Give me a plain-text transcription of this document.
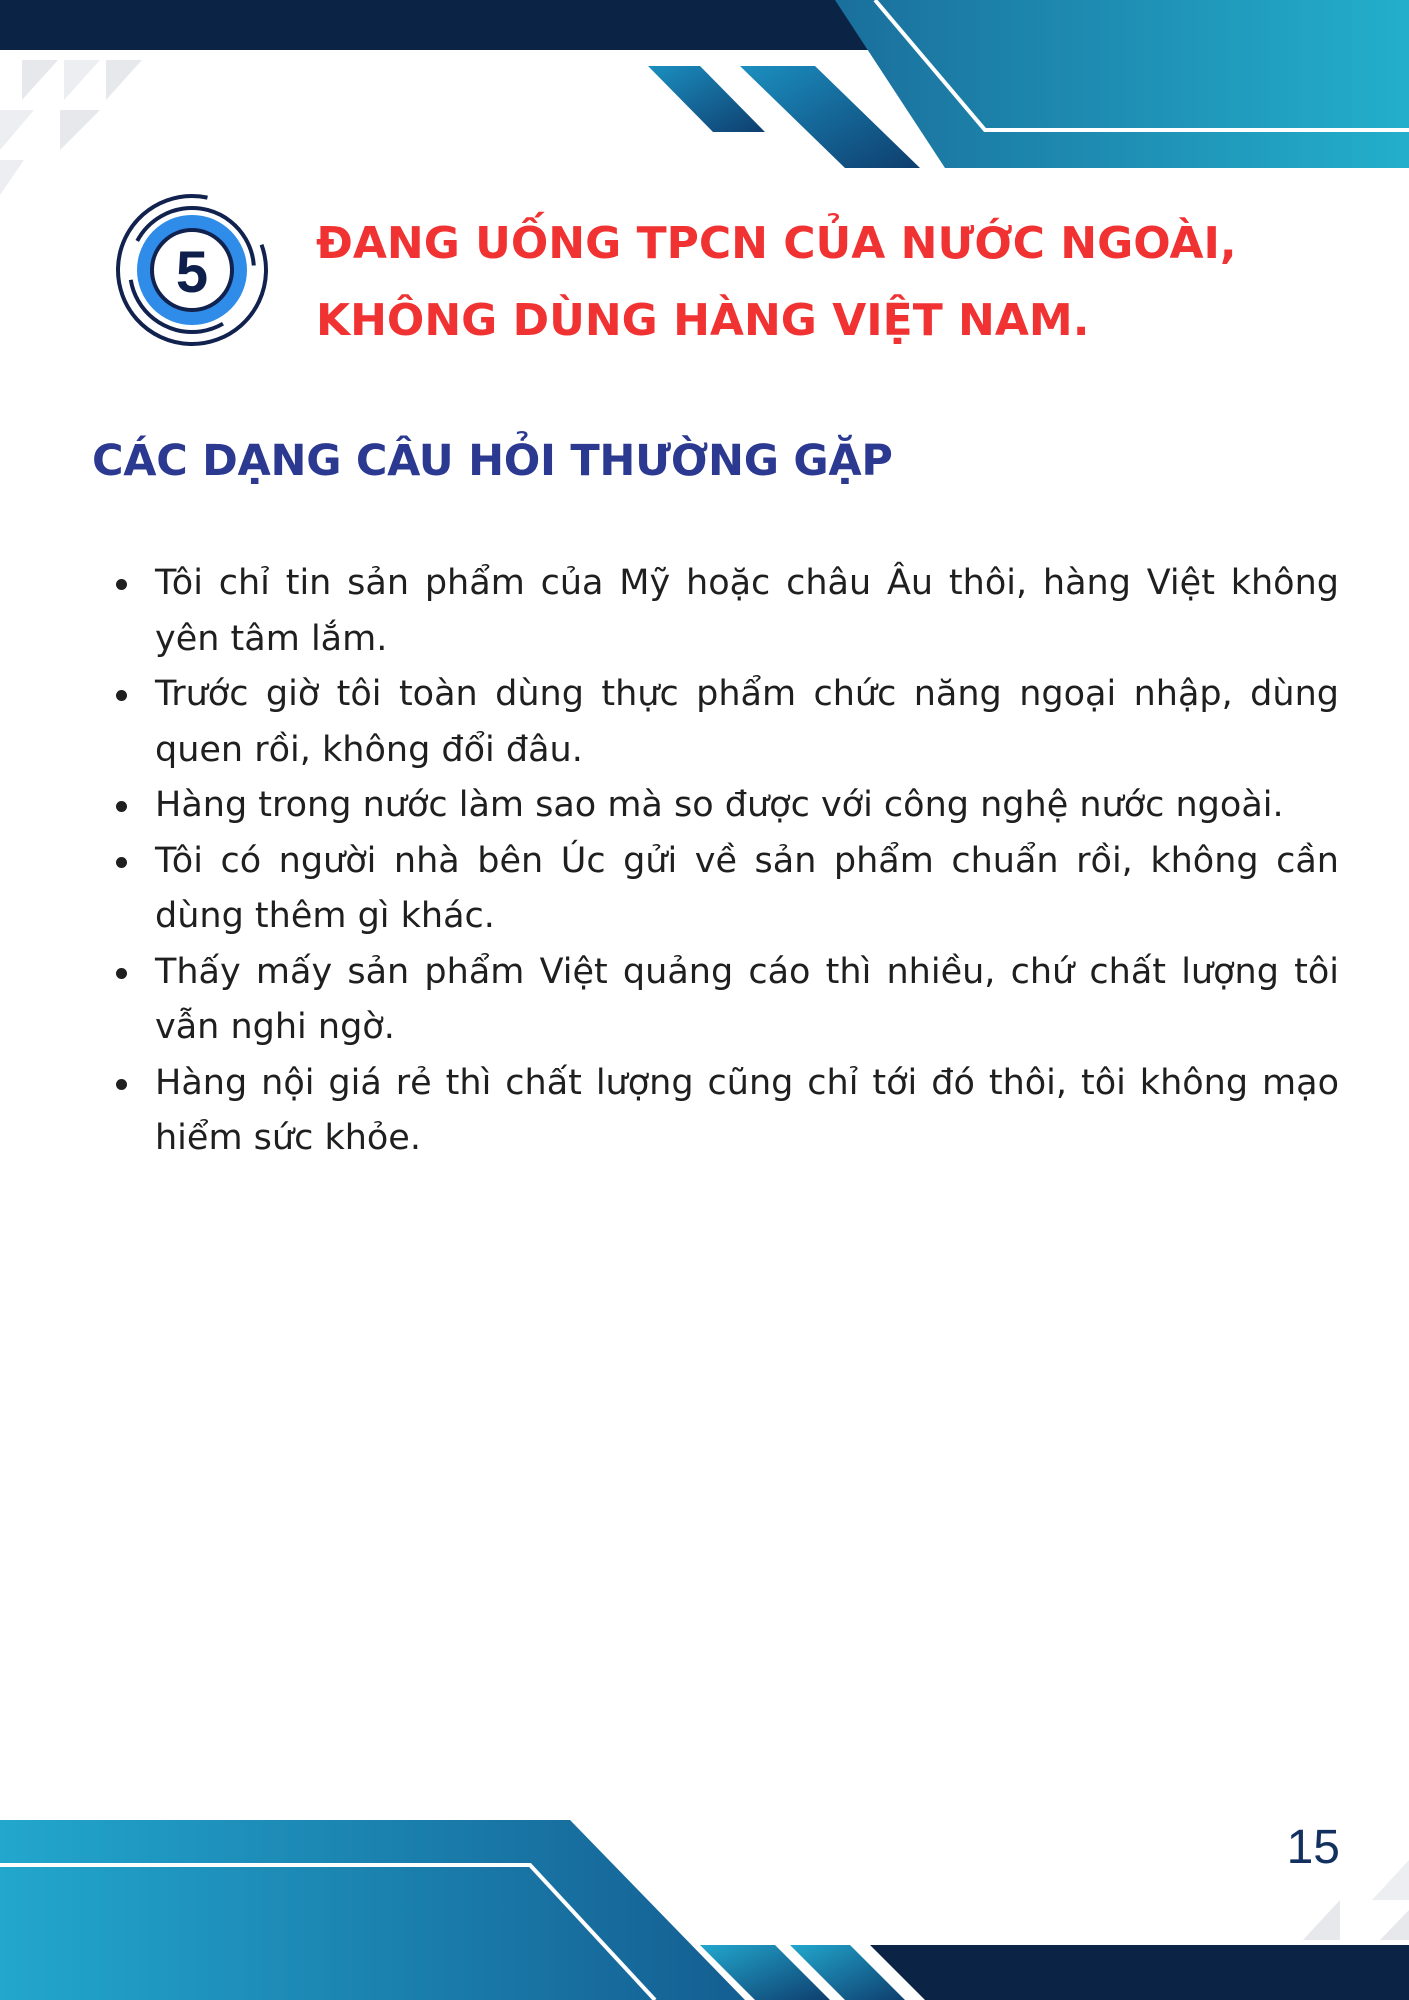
5	ĐANG UỐNG TPCN CỦA NƯỚC NGOÀI,
KHÔNG DÙNG HÀNG VIỆT NAM.
CÁC DẠNG CÂU HỎI THƯỜNG GẶP
Tôi chỉ tin sản phẩm của Mỹ hoặc châu Âu thôi, hàng Việt không yên tâm lắm.
Trước giờ tôi toàn dùng thực phẩm chức năng ngoại nhập, dùng quen rồi, không đổi đâu.
Hàng trong nước làm sao mà so được với công nghệ nước ngoài.
Tôi có người nhà bên Úc gửi về sản phẩm chuẩn rồi, không cần dùng thêm gì khác.
Thấy mấy sản phẩm Việt quảng cáo thì nhiều, chứ chất lượng tôi vẫn nghi ngờ.
Hàng nội giá rẻ thì chất lượng cũng chỉ tới đó thôi, tôi không mạo hiểm sức khỏe.
15
